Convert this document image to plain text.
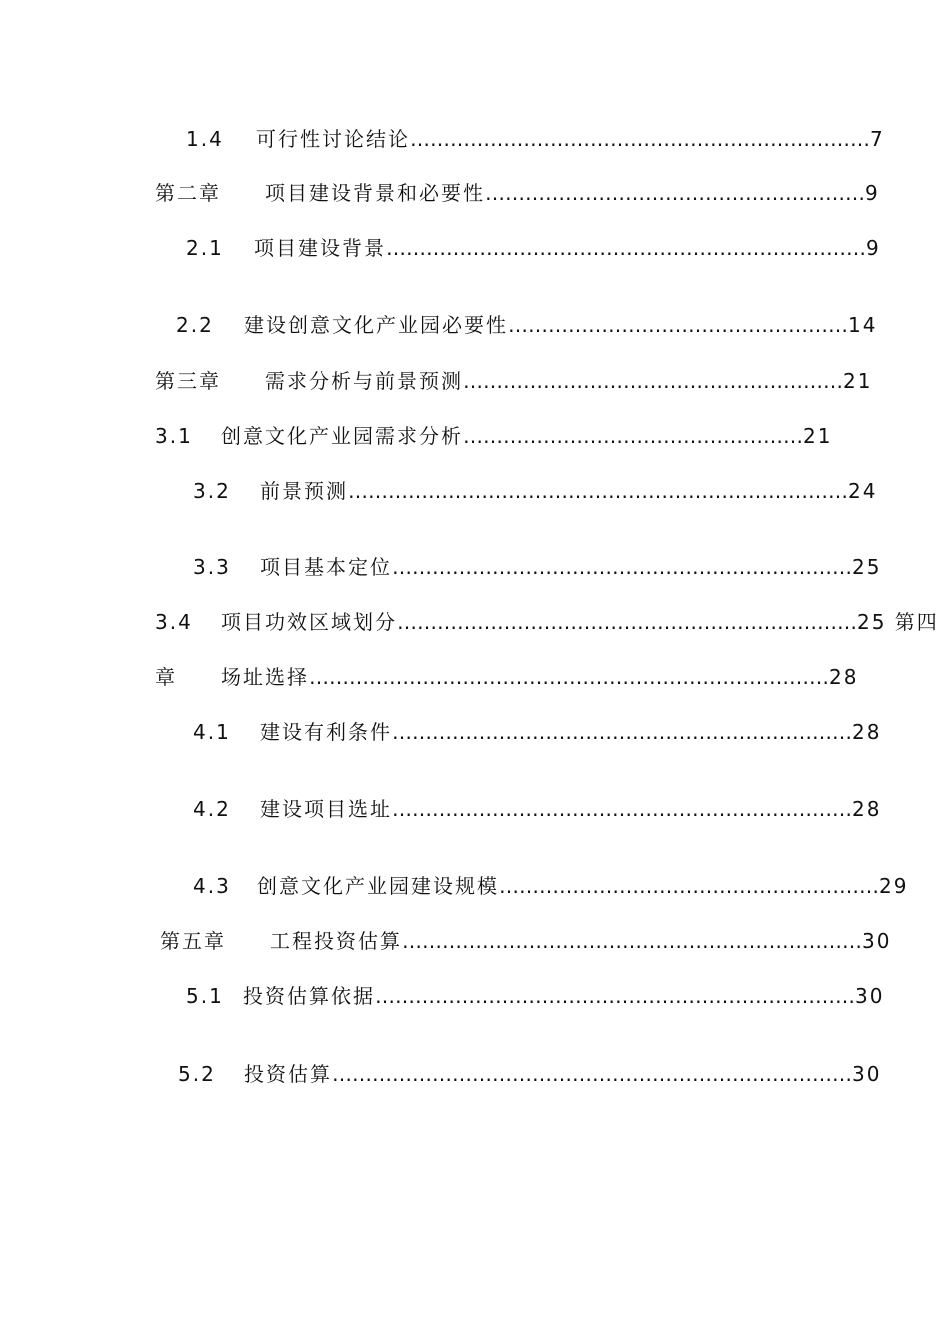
1.4 可行性讨论结论……………………………………………………………7
第二章　　项目建设背景和必要性…………………………………………………9
2.1 项目建设背景………………………………………………………………9
2.2 建设创意文化产业园必要性……………………………………………14
第三章　　需求分析与前景预测…………………………………………………21
3.1 创意文化产业园需求分析……………………………………………21
3.2 前景预测…………………………………………………………………24
3.3 项目基本定位……………………………………………………………25
3.4 项目功效区域划分……………………………………………………………25 第四
章　　场址选择……………………………………………………………………28
4.1 建设有利条件……………………………………………………………28
4.2 建设项目选址……………………………………………………………28
4.3 创意文化产业园建设规模…………………………………………………29
第五章　　工程投资估算……………………………………………………………30
5.1 投资估算依据………………………………………………………………30
5.2 投资估算……………………………………………………………………30
